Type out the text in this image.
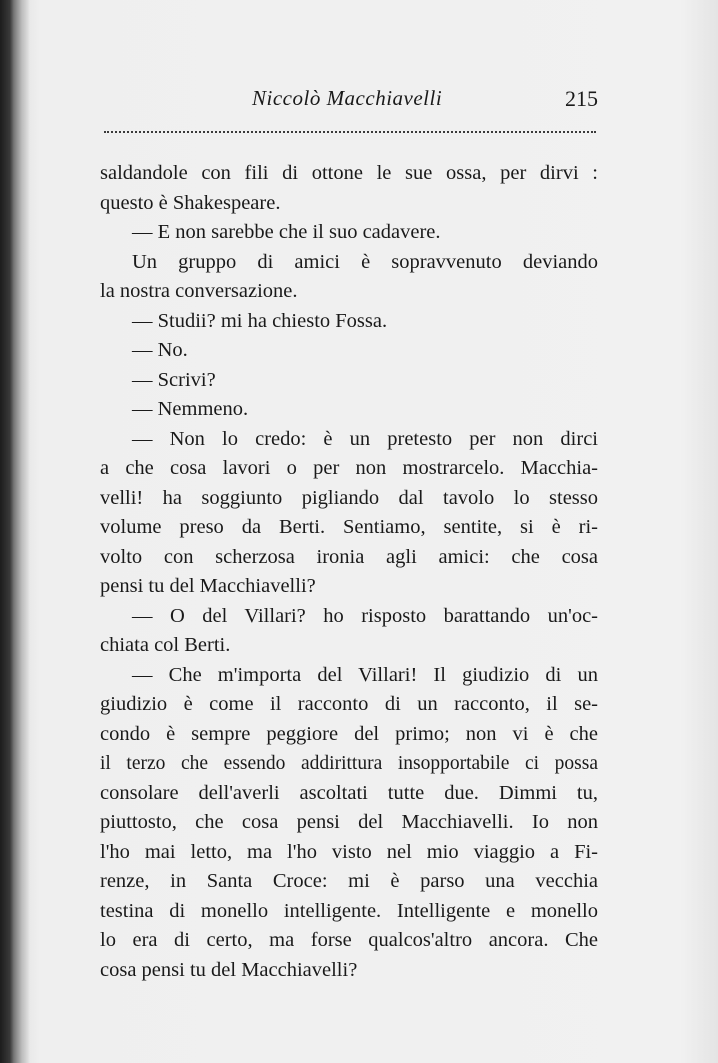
Niccolò Macchiavelli	215
saldandole con fili di ottone le sue ossa, per dirvi :
questo è Shakespeare.
— E non sarebbe che il suo cadavere.
Un gruppo di amici è sopravvenuto deviando
la nostra conversazione.
— Studii? mi ha chiesto Fossa.
— No.
— Scrivi?
— Nemmeno.
— Non lo credo: è un pretesto per non dirci
a che cosa lavori o per non mostrarcelo. Macchia-
velli! ha soggiunto pigliando dal tavolo lo stesso
volume preso da Berti. Sentiamo, sentite, si è ri-
volto con scherzosa ironia agli amici: che cosa
pensi tu del Macchiavelli?
— O del Villari? ho risposto barattando un'oc-
chiata col Berti.
— Che m'importa del Villari! Il giudizio di un
giudizio è come il racconto di un racconto, il se-
condo è sempre peggiore del primo; non vi è che
il terzo che essendo addirittura insopportabile ci possa
consolare dell'averli ascoltati tutte due. Dimmi tu,
piuttosto, che cosa pensi del Macchiavelli. Io non
l'ho mai letto, ma l'ho visto nel mio viaggio a Fi-
renze, in Santa Croce: mi è parso una vecchia
testina di monello intelligente. Intelligente e monello
lo era di certo, ma forse qualcos'altro ancora. Che
cosa pensi tu del Macchiavelli?
